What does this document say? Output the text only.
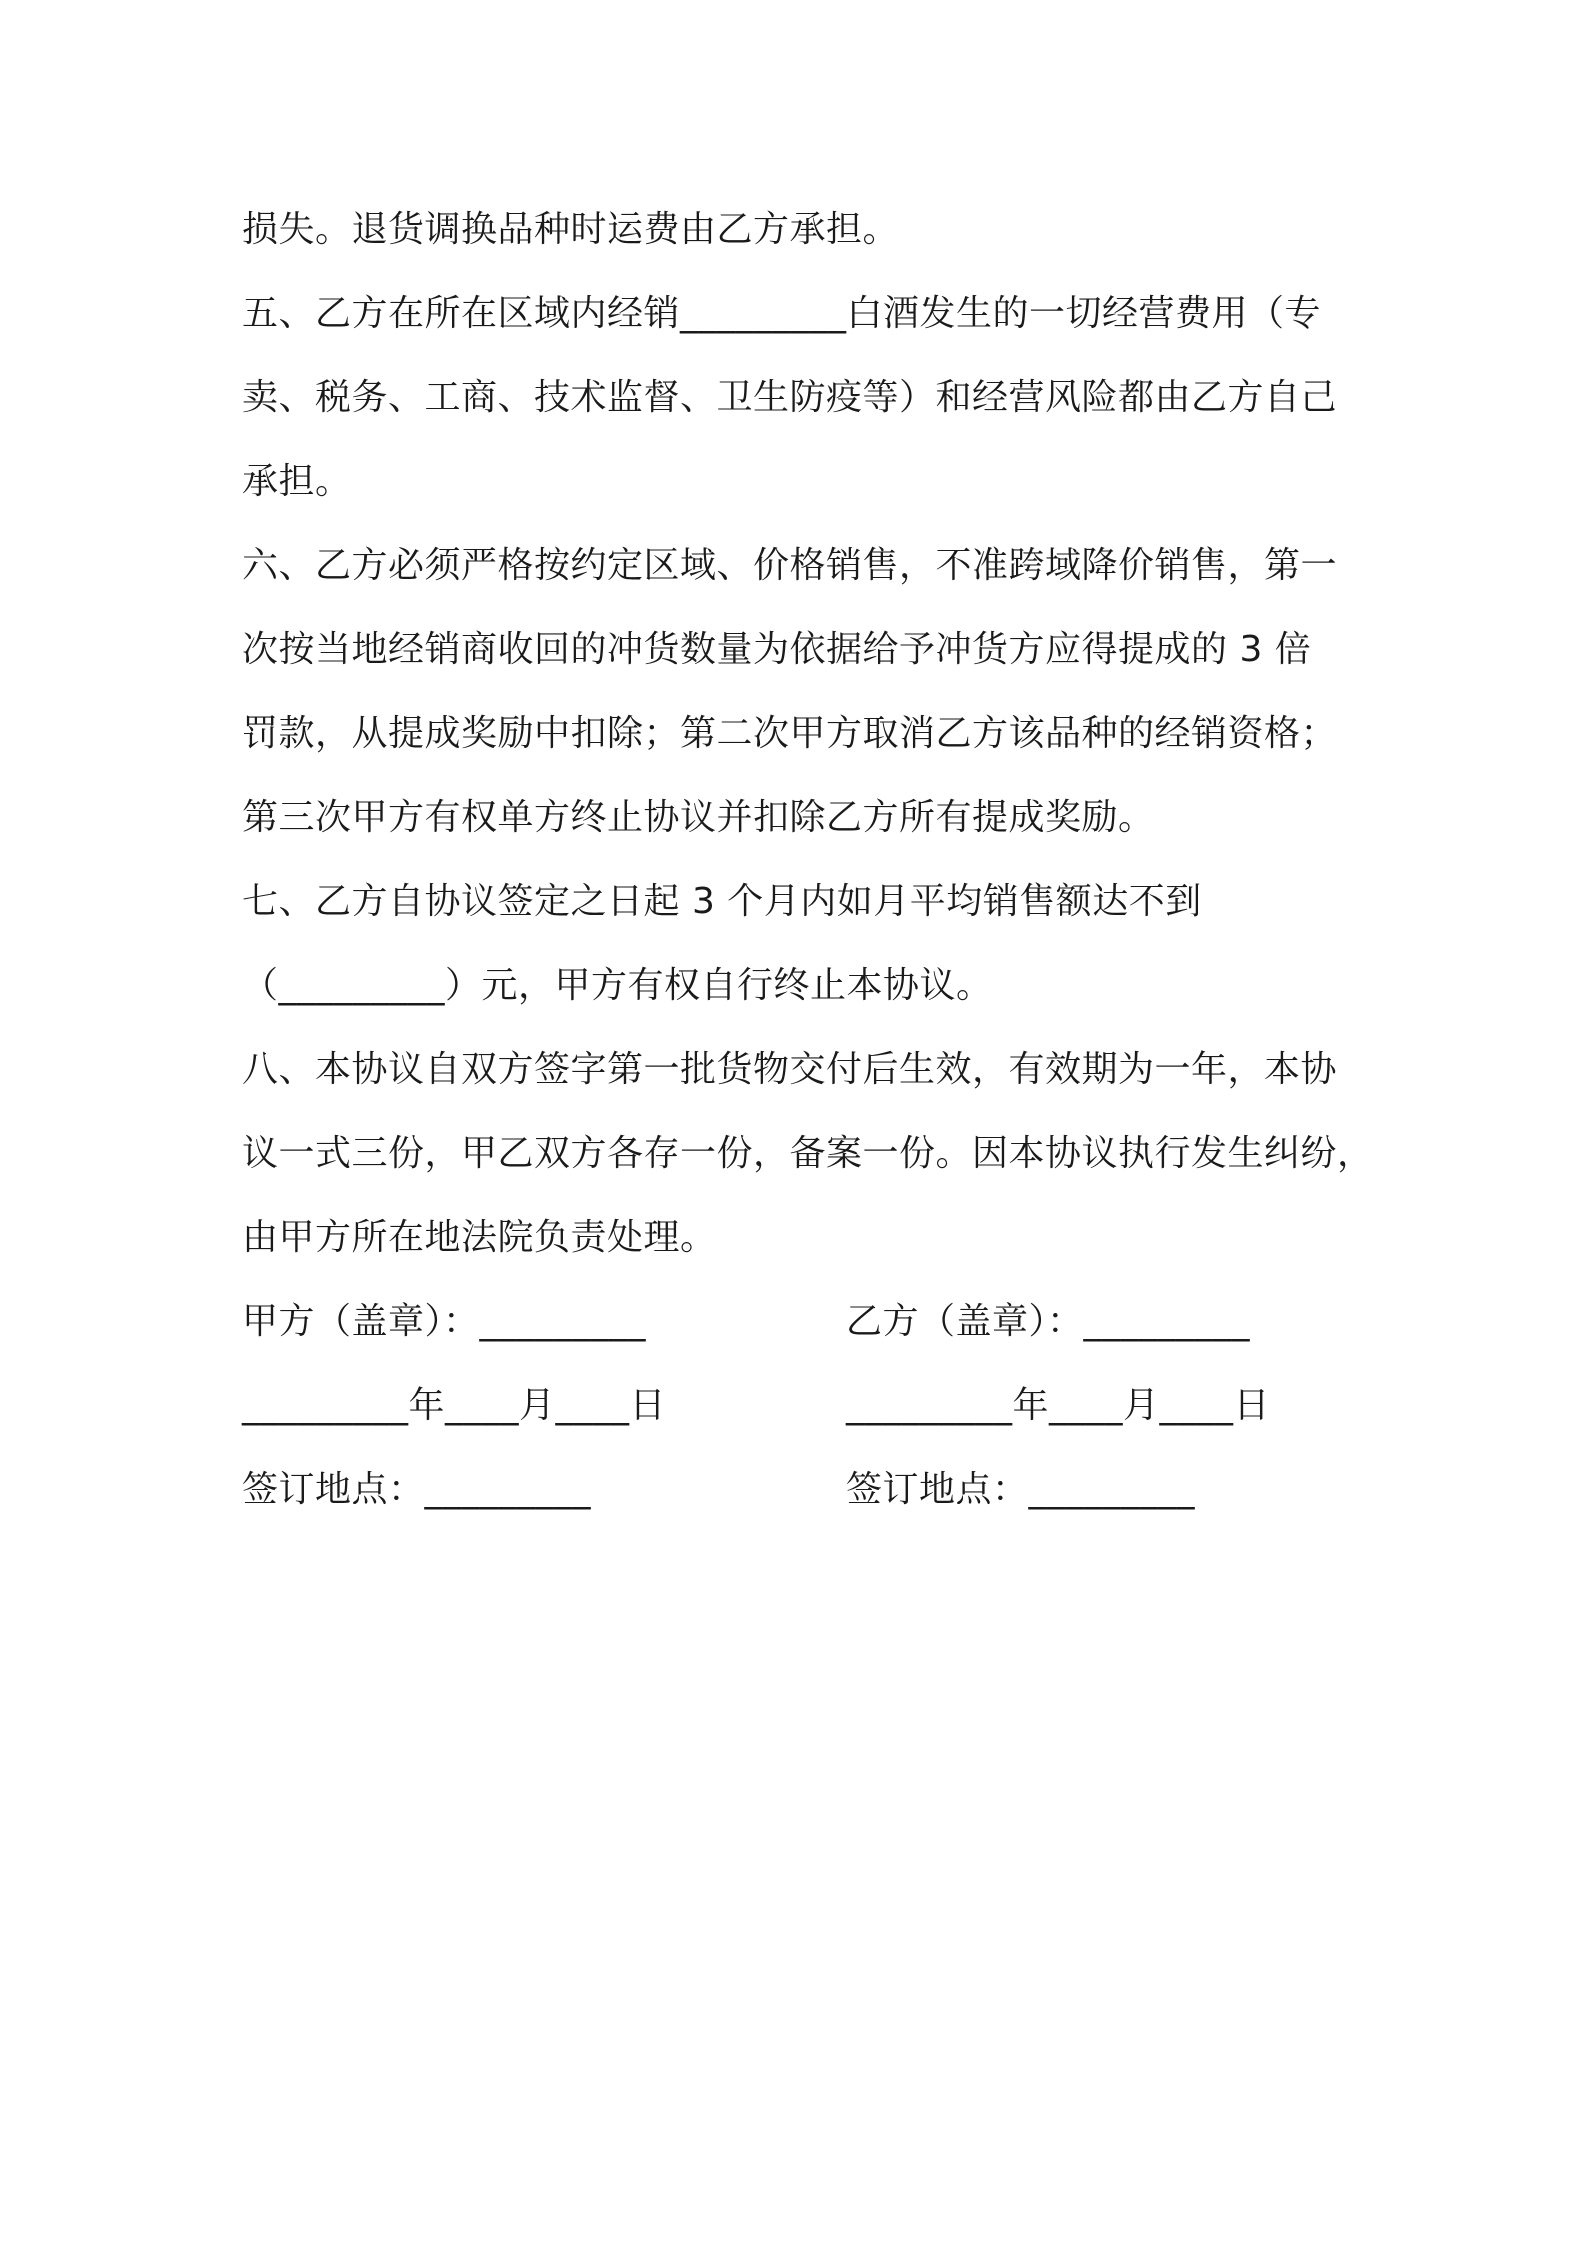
损失。退货调换品种时运费由乙方承担。
五、乙方在所在区域内经销_________白酒发生的一切经营费用（专
卖、税务、工商、技术监督、卫生防疫等）和经营风险都由乙方自己
承担。
六、乙方必须严格按约定区域、价格销售，不准跨域降价销售，第一
次按当地经销商收回的冲货数量为依据给予冲货方应得提成的 3 倍
罚款，从提成奖励中扣除；第二次甲方取消乙方该品种的经销资格；
第三次甲方有权单方终止协议并扣除乙方所有提成奖励。
七、乙方自协议签定之日起 3 个月内如月平均销售额达不到
（_________）元，甲方有权自行终止本协议。
八、本协议自双方签字第一批货物交付后生效，有效期为一年，本协
议一式三份，甲乙双方各存一份，备案一份。因本协议执行发生纠纷，
由甲方所在地法院负责处理。
甲方（盖章）：_________	乙方（盖章）：_________
_________年____月____日	_________年____月____日
签订地点：_________	签订地点：_________
